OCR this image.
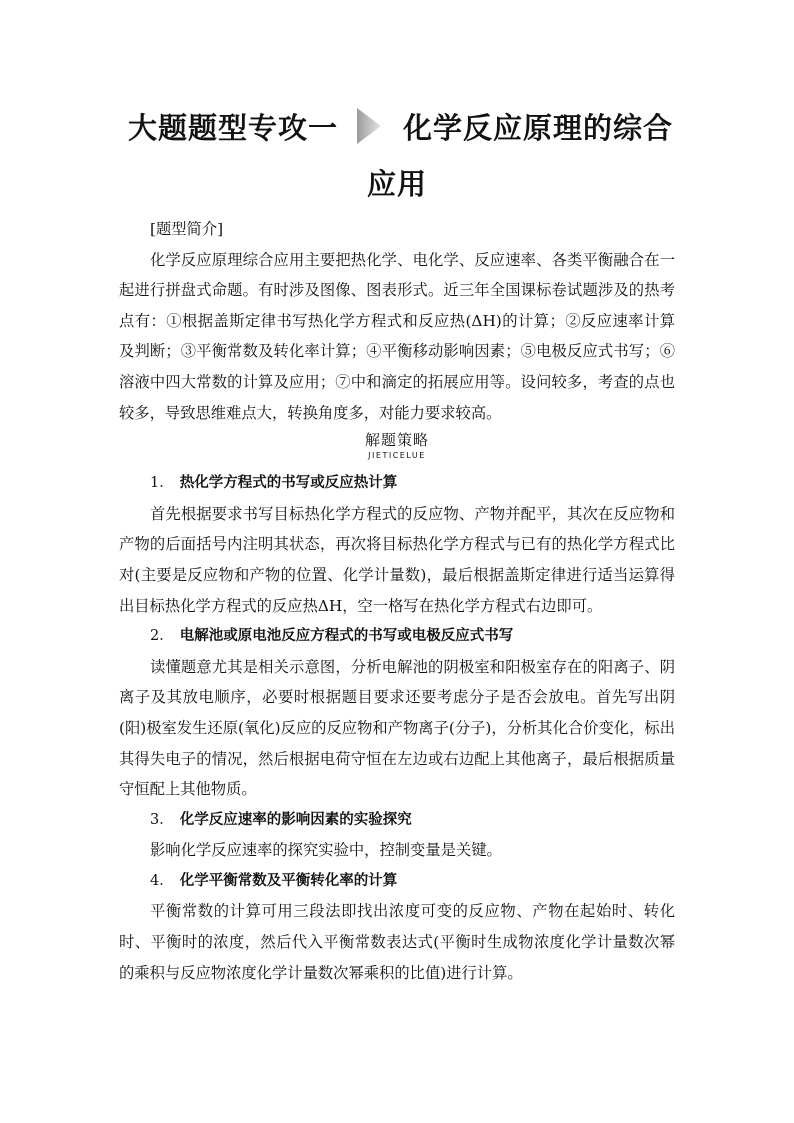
大题题型专攻一 化学反应原理的综合
应用

[题型简介]

化学反应原理综合应用主要把热化学、电化学、反应速率、各类平衡融合在一起进行拼盘式命题。有时涉及图像、图表形式。近三年全国课标卷试题涉及的热考点有：①根据盖斯定律书写热化学方程式和反应热(ΔH)的计算；②反应速率计算及判断；③平衡常数及转化率计算；④平衡移动影响因素；⑤电极反应式书写；⑥溶液中四大常数的计算及应用；⑦中和滴定的拓展应用等。设问较多，考查的点也较多，导致思维难点大，转换角度多，对能力要求较高。

解题策略
JIETICELUE

1． 热化学方程式的书写或反应热计算

首先根据要求书写目标热化学方程式的反应物、产物并配平，其次在反应物和产物的后面括号内注明其状态，再次将目标热化学方程式与已有的热化学方程式比对(主要是反应物和产物的位置、化学计量数)，最后根据盖斯定律进行适当运算得出目标热化学方程式的反应热ΔH，空一格写在热化学方程式右边即可。

2． 电解池或原电池反应方程式的书写或电极反应式书写

读懂题意尤其是相关示意图，分析电解池的阴极室和阳极室存在的阳离子、阴离子及其放电顺序，必要时根据题目要求还要考虑分子是否会放电。首先写出阴(阳)极室发生还原(氧化)反应的反应物和产物离子(分子)，分析其化合价变化，标出其得失电子的情况，然后根据电荷守恒在左边或右边配上其他离子，最后根据质量守恒配上其他物质。

3． 化学反应速率的影响因素的实验探究

影响化学反应速率的探究实验中，控制变量是关键。

4． 化学平衡常数及平衡转化率的计算

平衡常数的计算可用三段法即找出浓度可变的反应物、产物在起始时、转化时、平衡时的浓度，然后代入平衡常数表达式(平衡时生成物浓度化学计量数次幂的乘积与反应物浓度化学计量数次幂乘积的比值)进行计算。
